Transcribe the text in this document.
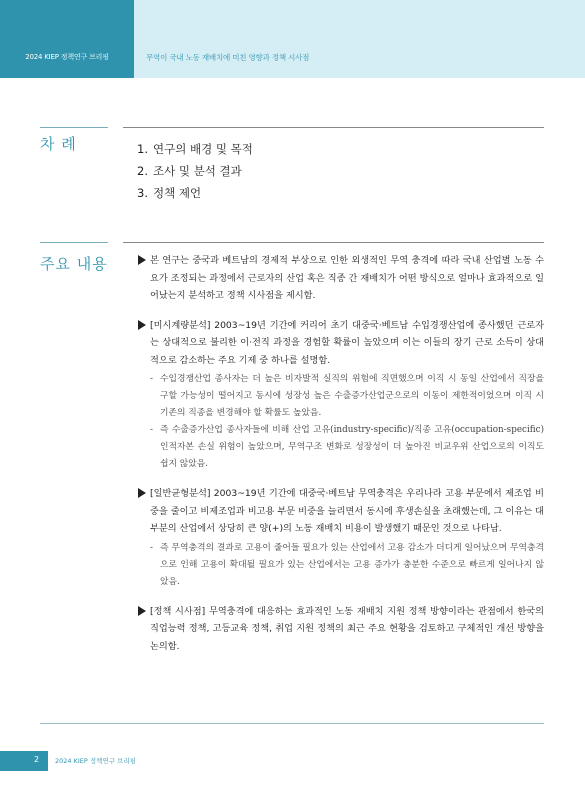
2024 KIEP 정책연구 브리핑	무역이 국내 노동 재배치에 미친 영향과 정책 시사점
차 례	1. 연구의 배경 및 목적
2. 조사 및 분석 결과
3. 정책 제언
주요 내용	본 연구는 중국과 베트남의 경제적 부상으로 인한 외생적인 무역 충격에 따라 국내 산업별 노동 수요가 조정되는 과정에서 근로자의 산업 혹은 직종 간 재배치가 어떤 방식으로 얼마나 효과적으로 일어났는지 분석하고 정책 시사점을 제시함.
[미시계량분석] 2003~19년 기간에 커리어 초기 대중국·베트남 수입경쟁산업에 종사했던 근로자는 상대적으로 불리한 이·전직 과정을 경험할 확률이 높았으며 이는 이들의 장기 근로 소득이 상대적으로 감소하는 주요 기제 중 하나를 설명함.
- 수입경쟁산업 종사자는 더 높은 비자발적 실직의 위험에 직면했으며 이직 시 동일 산업에서 직장을 구할 가능성이 떨어지고 동시에 성장성 높은 수출증가산업군으로의 이동이 제한적이었으며 이직 시 기존의 직종을 변경해야 할 확률도 높았음.
- 즉 수출증가산업 종사자들에 비해 산업 고유(industry-specific)/직종 고유(occupation-specific) 인적자본 손실 위험이 높았으며, 무역구조 변화로 성장성이 더 높아진 비교우위 산업으로의 이직도 쉽지 않았음.
[일반균형분석] 2003~19년 기간에 대중국·베트남 무역충격은 우리나라 고용 부문에서 제조업 비중을 줄이고 비제조업과 비고용 부문 비중을 늘리면서 동시에 후생손실을 초래했는데, 그 이유는 대부분의 산업에서 상당히 큰 양(+)의 노동 재배치 비용이 발생했기 때문인 것으로 나타남.
- 즉 무역충격의 결과로 고용이 줄어들 필요가 있는 산업에서 고용 감소가 더디게 일어났으며 무역충격으로 인해 고용이 확대될 필요가 있는 산업에서는 고용 증가가 충분한 수준으로 빠르게 일어나지 않았음.
[정책 시사점] 무역충격에 대응하는 효과적인 노동 재배치 지원 정책 방향이라는 관점에서 한국의 직업능력 정책, 고등교육 정책, 취업 지원 정책의 최근 주요 현황을 검토하고 구체적인 개선 방향을 논의함.
2 2024 KIEP 정책연구 브리핑
